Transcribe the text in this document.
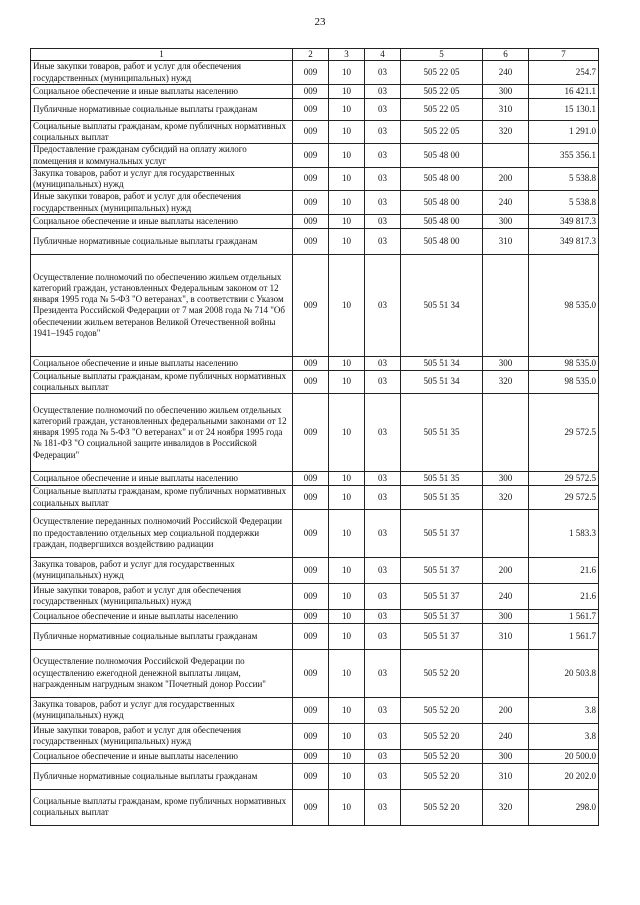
23
1	2	3	4	5	6	7
Иные закупки товаров, работ и услуг для обеспечения государственных (муниципальных) нужд	009	10	03	505 22 05	240	254.7
Социальное обеспечение и иные выплаты населению	009	10	03	505 22 05	300	16 421.1
Публичные нормативные социальные выплаты гражданам	009	10	03	505 22 05	310	15 130.1
Социальные выплаты гражданам, кроме публичных нормативных социальных выплат	009	10	03	505 22 05	320	1 291.0
Предоставление гражданам субсидий на оплату жилого помещения и коммунальных услуг	009	10	03	505 48 00		355 356.1
Закупка товаров, работ и услуг для государственных (муниципальных) нужд	009	10	03	505 48 00	200	5 538.8
Иные закупки товаров, работ и услуг для обеспечения государственных (муниципальных) нужд	009	10	03	505 48 00	240	5 538.8
Социальное обеспечение и иные выплаты населению	009	10	03	505 48 00	300	349 817.3
Публичные нормативные социальные выплаты гражданам	009	10	03	505 48 00	310	349 817.3
Осуществление полномочий по обеспечению жильем отдельных категорий граждан, установленных Федеральным законом от 12 января 1995 года № 5-ФЗ "О ветеранах", в соответствии с Указом Президента Российской Федерации от 7 мая 2008 года № 714 "Об обеспечении жильем ветеранов Великой Отечественной войны 1941–1945 годов"	009	10	03	505 51 34		98 535.0
Социальное обеспечение и иные выплаты населению	009	10	03	505 51 34	300	98 535.0
Социальные выплаты гражданам, кроме публичных нормативных социальных выплат	009	10	03	505 51 34	320	98 535.0
Осуществление полномочий по обеспечению жильем отдельных категорий граждан, установленных федеральными законами от 12 января 1995 года № 5-ФЗ "О ветеранах" и от 24 ноября 1995 года № 181-ФЗ "О социальной защите инвалидов в Российской Федерации"	009	10	03	505 51 35		29 572.5
Социальное обеспечение и иные выплаты населению	009	10	03	505 51 35	300	29 572.5
Социальные выплаты гражданам, кроме публичных нормативных социальных выплат	009	10	03	505 51 35	320	29 572.5
Осуществление переданных полномочий Российской Федерации по предоставлению отдельных мер социальной поддержки граждан, подвергшихся воздействию радиации	009	10	03	505 51 37		1 583.3
Закупка товаров, работ и услуг для государственных (муниципальных) нужд	009	10	03	505 51 37	200	21.6
Иные закупки товаров, работ и услуг для обеспечения государственных (муниципальных) нужд	009	10	03	505 51 37	240	21.6
Социальное обеспечение и иные выплаты населению	009	10	03	505 51 37	300	1 561.7
Публичные нормативные социальные выплаты гражданам	009	10	03	505 51 37	310	1 561.7
Осуществление полномочия Российской Федерации по осуществлению ежегодной денежной выплаты лицам, награжденным нагрудным знаком "Почетный донор России"	009	10	03	505 52 20		20 503.8
Закупка товаров, работ и услуг для государственных (муниципальных) нужд	009	10	03	505 52 20	200	3.8
Иные закупки товаров, работ и услуг для обеспечения государственных (муниципальных) нужд	009	10	03	505 52 20	240	3.8
Социальное обеспечение и иные выплаты населению	009	10	03	505 52 20	300	20 500.0
Публичные нормативные социальные выплаты гражданам	009	10	03	505 52 20	310	20 202.0
Социальные выплаты гражданам, кроме публичных нормативных социальных выплат	009	10	03	505 52 20	320	298.0
